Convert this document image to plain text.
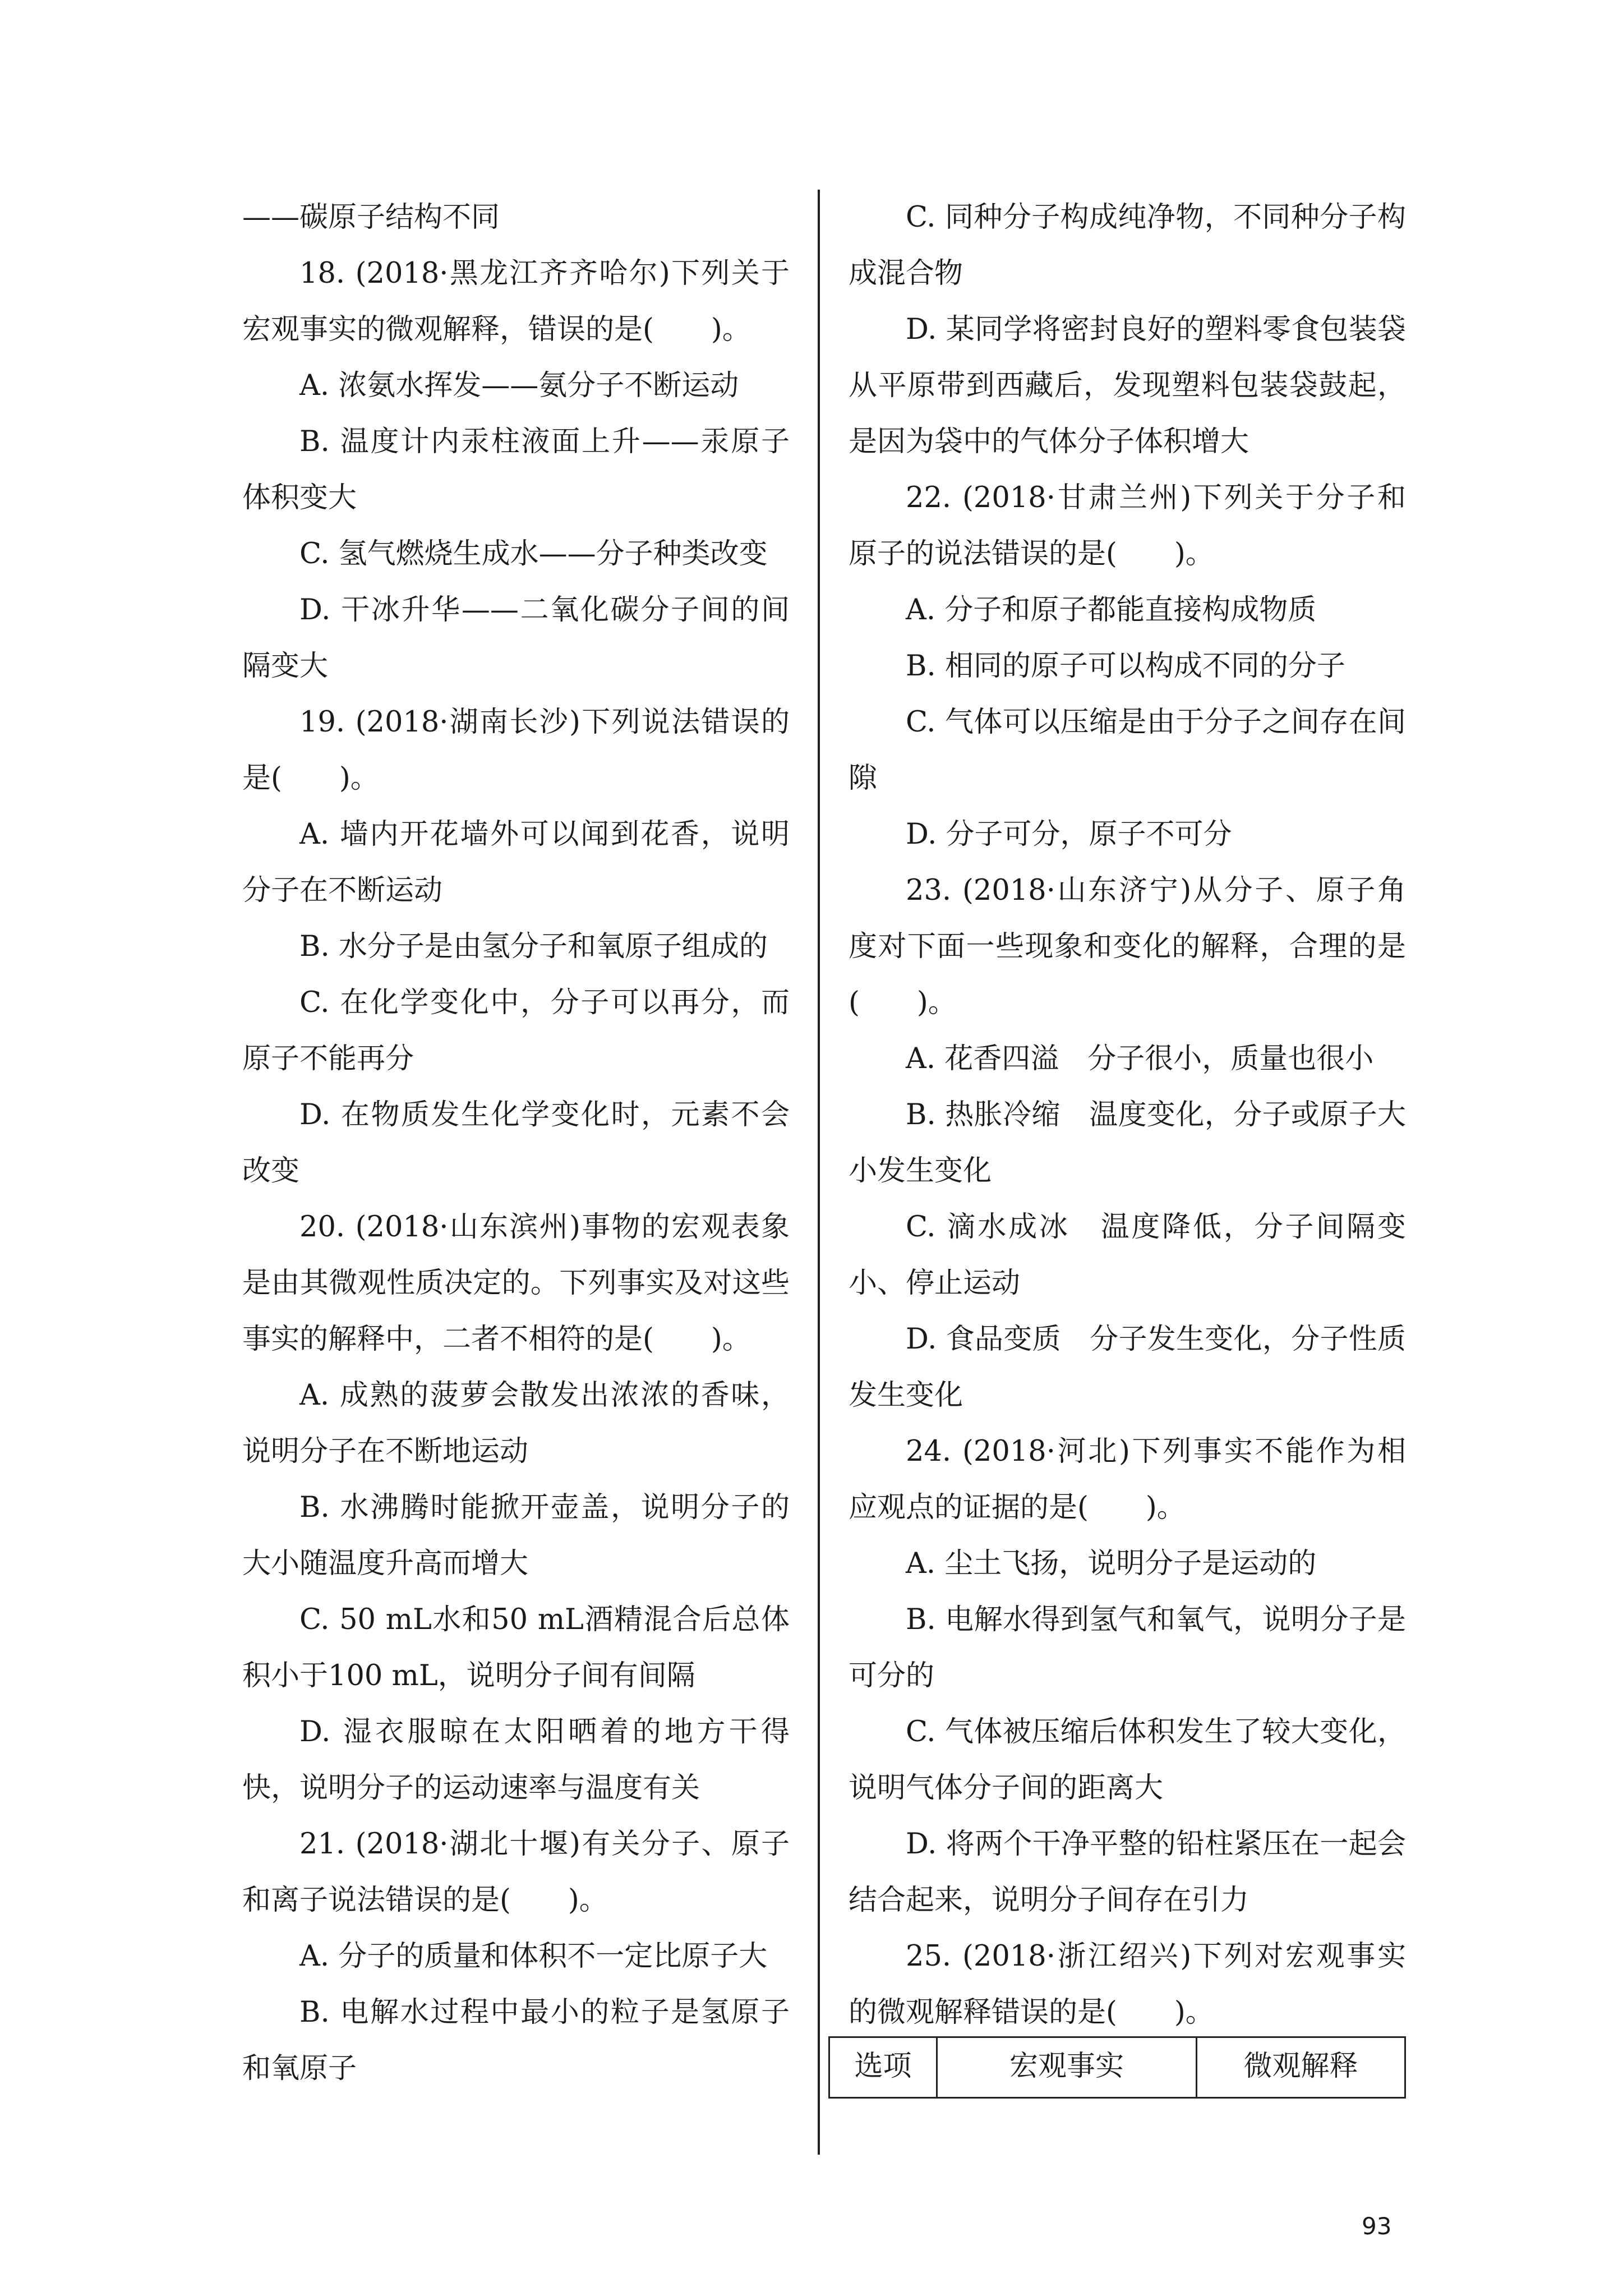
——碳原子结构不同

18. (2018·黑龙江齐齐哈尔)下列关于宏观事实的微观解释，错误的是(　　)。

A. 浓氨水挥发——氨分子不断运动

B. 温度计内汞柱液面上升——汞原子体积变大

C. 氢气燃烧生成水——分子种类改变

D. 干冰升华——二氧化碳分子间的间隔变大

19. (2018·湖南长沙)下列说法错误的是(　　)。

A. 墙内开花墙外可以闻到花香，说明分子在不断运动

B. 水分子是由氢分子和氧原子组成的

C. 在化学变化中，分子可以再分，而原子不能再分

D. 在物质发生化学变化时，元素不会改变

20. (2018·山东滨州)事物的宏观表象是由其微观性质决定的。下列事实及对这些事实的解释中，二者不相符的是(　　)。

A. 成熟的菠萝会散发出浓浓的香味，说明分子在不断地运动

B. 水沸腾时能掀开壶盖，说明分子的大小随温度升高而增大

C. 50 mL水和50 mL酒精混合后总体积小于100 mL，说明分子间有间隔

D. 湿衣服晾在太阳晒着的地方干得快，说明分子的运动速率与温度有关

21. (2018·湖北十堰)有关分子、原子和离子说法错误的是(　　)。

A. 分子的质量和体积不一定比原子大

B. 电解水过程中最小的粒子是氢原子和氧原子

C. 同种分子构成纯净物，不同种分子构成混合物

D. 某同学将密封良好的塑料零食包装袋从平原带到西藏后，发现塑料包装袋鼓起，是因为袋中的气体分子体积增大

22. (2018·甘肃兰州)下列关于分子和原子的说法错误的是(　　)。

A. 分子和原子都能直接构成物质

B. 相同的原子可以构成不同的分子

C. 气体可以压缩是由于分子之间存在间隙

D. 分子可分，原子不可分

23. (2018·山东济宁)从分子、原子角度对下面一些现象和变化的解释，合理的是(　　)。

A. 花香四溢　分子很小，质量也很小

B. 热胀冷缩　温度变化，分子或原子大小发生变化

C. 滴水成冰　温度降低，分子间隔变小、停止运动

D. 食品变质　分子发生变化，分子性质发生变化

24. (2018·河北)下列事实不能作为相应观点的证据的是(　　)。

A. 尘土飞扬，说明分子是运动的

B. 电解水得到氢气和氧气，说明分子是可分的

C. 气体被压缩后体积发生了较大变化，说明气体分子间的距离大

D. 将两个干净平整的铅柱紧压在一起会结合起来，说明分子间存在引力

25. (2018·浙江绍兴)下列对宏观事实的微观解释错误的是(　　)。

选项	宏观事实	微观解释
93
